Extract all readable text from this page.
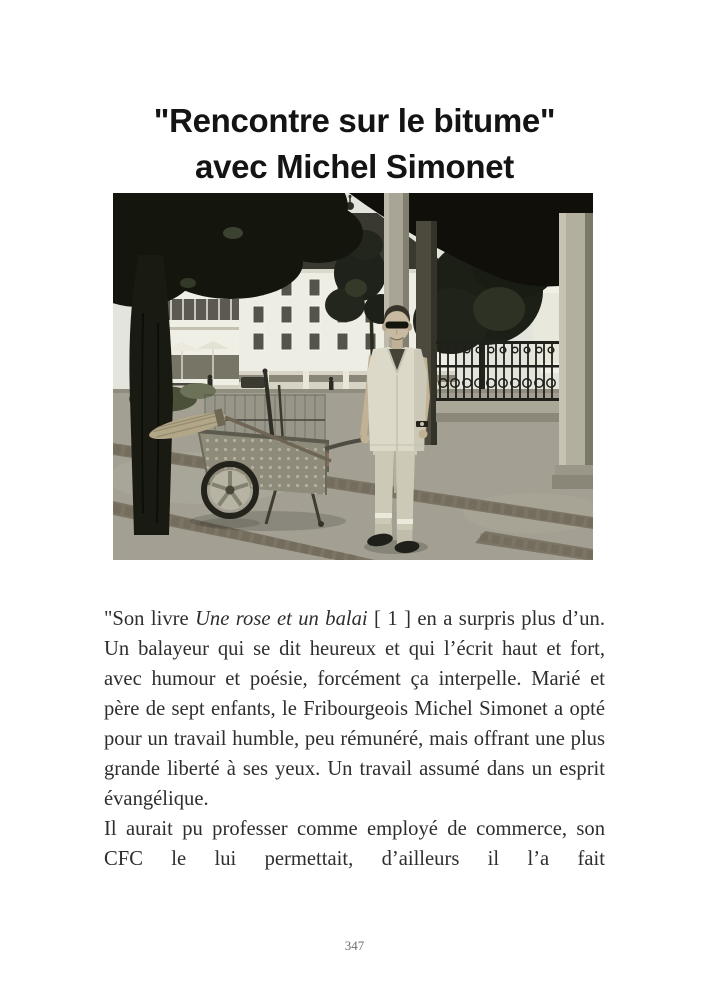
"Rencontre sur le bitume"
avec Michel Simonet

"Son livre Une rose et un balai [ 1 ] en a surpris plus d’un. Un balayeur qui se dit heureux et qui l’écrit haut et fort, avec humour et poésie, forcément ça interpelle. Marié et père de sept enfants, le Fribourgeois Michel Simonet a opté pour un travail humble, peu rémunéré, mais offrant une plus grande liberté à ses yeux. Un travail assumé dans un esprit évangélique.

Il aurait pu professer comme employé de commerce, son CFC le lui permettait, d’ailleurs il l’a fait

347
